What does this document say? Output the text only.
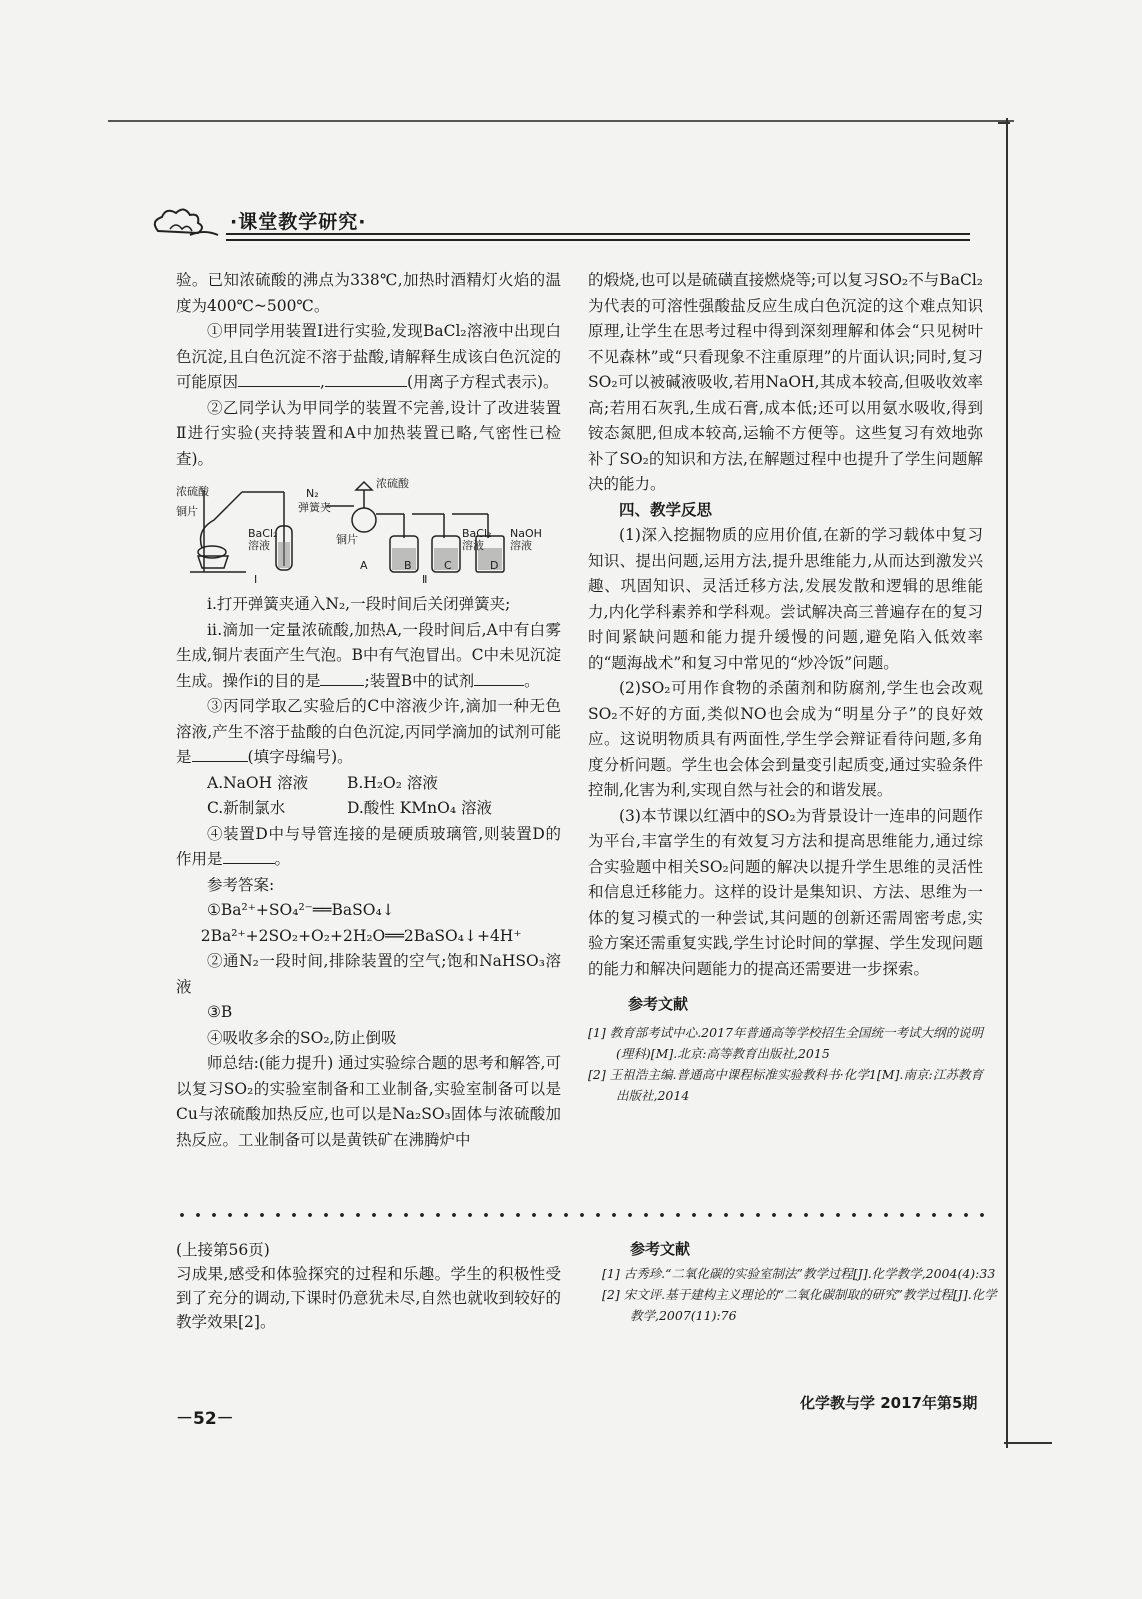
·课堂教学研究·

验。已知浓硫酸的沸点为338℃,加热时酒精灯火焰的温度为400℃~500℃。

①甲同学用装置Ⅰ进行实验,发现BaCl₂溶液中出现白色沉淀,且白色沉淀不溶于盐酸,请解释生成该白色沉淀的可能原因	,	(用离子方程式表示)。

②乙同学认为甲同学的装置不完善,设计了改进装置Ⅱ进行实验(夹持装置和A中加热装置已略,气密性已检查)。

浓硫酸
铜片
BaCl₂溶液
N₂
弹簧夹
浓硫酸
铜片	BaCl₂溶液
NaOH溶液
A	B	C	D
Ⅰ	Ⅱ

ⅰ.打开弹簧夹通入N₂,一段时间后关闭弹簧夹;

ⅱ.滴加一定量浓硫酸,加热A,一段时间后,A中有白雾生成,铜片表面产生气泡。B中有气泡冒出。C中未见沉淀生成。操作ⅰ的目的是	;装置B中的试剂	。

③丙同学取乙实验后的C中溶液少许,滴加一种无色溶液,产生不溶于盐酸的白色沉淀,丙同学滴加的试剂可能是	(填字母编号)。

A.NaOH 溶液	B.H₂O₂ 溶液
C.新制氯水	D.酸性 KMnO₄ 溶液

④装置D中与导管连接的是硬质玻璃管,则装置D的作用是	。

参考答案:

①Ba²⁺+SO₄²⁻══BaSO₄↓

2Ba²⁺+2SO₂+O₂+2H₂O══2BaSO₄↓+4H⁺

②通N₂一段时间,排除装置的空气;饱和NaHSO₃溶液

③B

④吸收多余的SO₂,防止倒吸

师总结:(能力提升) 通过实验综合题的思考和解答,可以复习SO₂的实验室制备和工业制备,实验室制备可以是Cu与浓硫酸加热反应,也可以是Na₂SO₃固体与浓硫酸加热反应。工业制备可以是黄铁矿在沸腾炉中

的煅烧,也可以是硫磺直接燃烧等;可以复习SO₂不与BaCl₂为代表的可溶性强酸盐反应生成白色沉淀的这个难点知识原理,让学生在思考过程中得到深刻理解和体会“只见树叶不见森林”或“只看现象不注重原理”的片面认识;同时,复习SO₂可以被碱液吸收,若用NaOH,其成本较高,但吸收效率高;若用石灰乳,生成石膏,成本低;还可以用氨水吸收,得到铵态氮肥,但成本较高,运输不方便等。这些复习有效地弥补了SO₂的知识和方法,在解题过程中也提升了学生问题解决的能力。

四、教学反思

(1)深入挖掘物质的应用价值,在新的学习载体中复习知识、提出问题,运用方法,提升思维能力,从而达到激发兴趣、巩固知识、灵活迁移方法,发展发散和逻辑的思维能力,内化学科素养和学科观。尝试解决高三普遍存在的复习时间紧缺问题和能力提升缓慢的问题,避免陷入低效率的“题海战术”和复习中常见的“炒冷饭”问题。

(2)SO₂可用作食物的杀菌剂和防腐剂,学生也会改观SO₂不好的方面,类似NO也会成为“明星分子”的良好效应。这说明物质具有两面性,学生学会辩证看待问题,多角度分析问题。学生也会体会到量变引起质变,通过实验条件控制,化害为利,实现自然与社会的和谐发展。

(3)本节课以红酒中的SO₂为背景设计一连串的问题作为平台,丰富学生的有效复习方法和提高思维能力,通过综合实验题中相关SO₂问题的解决以提升学生思维的灵活性和信息迁移能力。这样的设计是集知识、方法、思维为一体的复习模式的一种尝试,其问题的创新还需周密考虑,实验方案还需重复实践,学生讨论时间的掌握、学生发现问题的能力和解决问题能力的提高还需要进一步探索。

参考文献

[1] 教育部考试中心.2017年普通高等学校招生全国统一考试大纲的说明(理科)[M].北京:高等教育出版社,2015

[2] 王祖浩主编.普通高中课程标准实验教科书·化学1[M].南京:江苏教育出版社,2014

(上接第56页)

习成果,感受和体验探究的过程和乐趣。学生的积极性受到了充分的调动,下课时仍意犹未尽,自然也就收到较好的教学效果[2]。

参考文献

[1] 古秀珍.“二氧化碳的实验室制法”教学过程[J].化学教学,2004(4):33

[2] 宋文评.基于建构主义理论的“二氧化碳制取的研究”教学过程[J].化学教学,2007(11):76

－52－
化学教与学 2017年第5期
